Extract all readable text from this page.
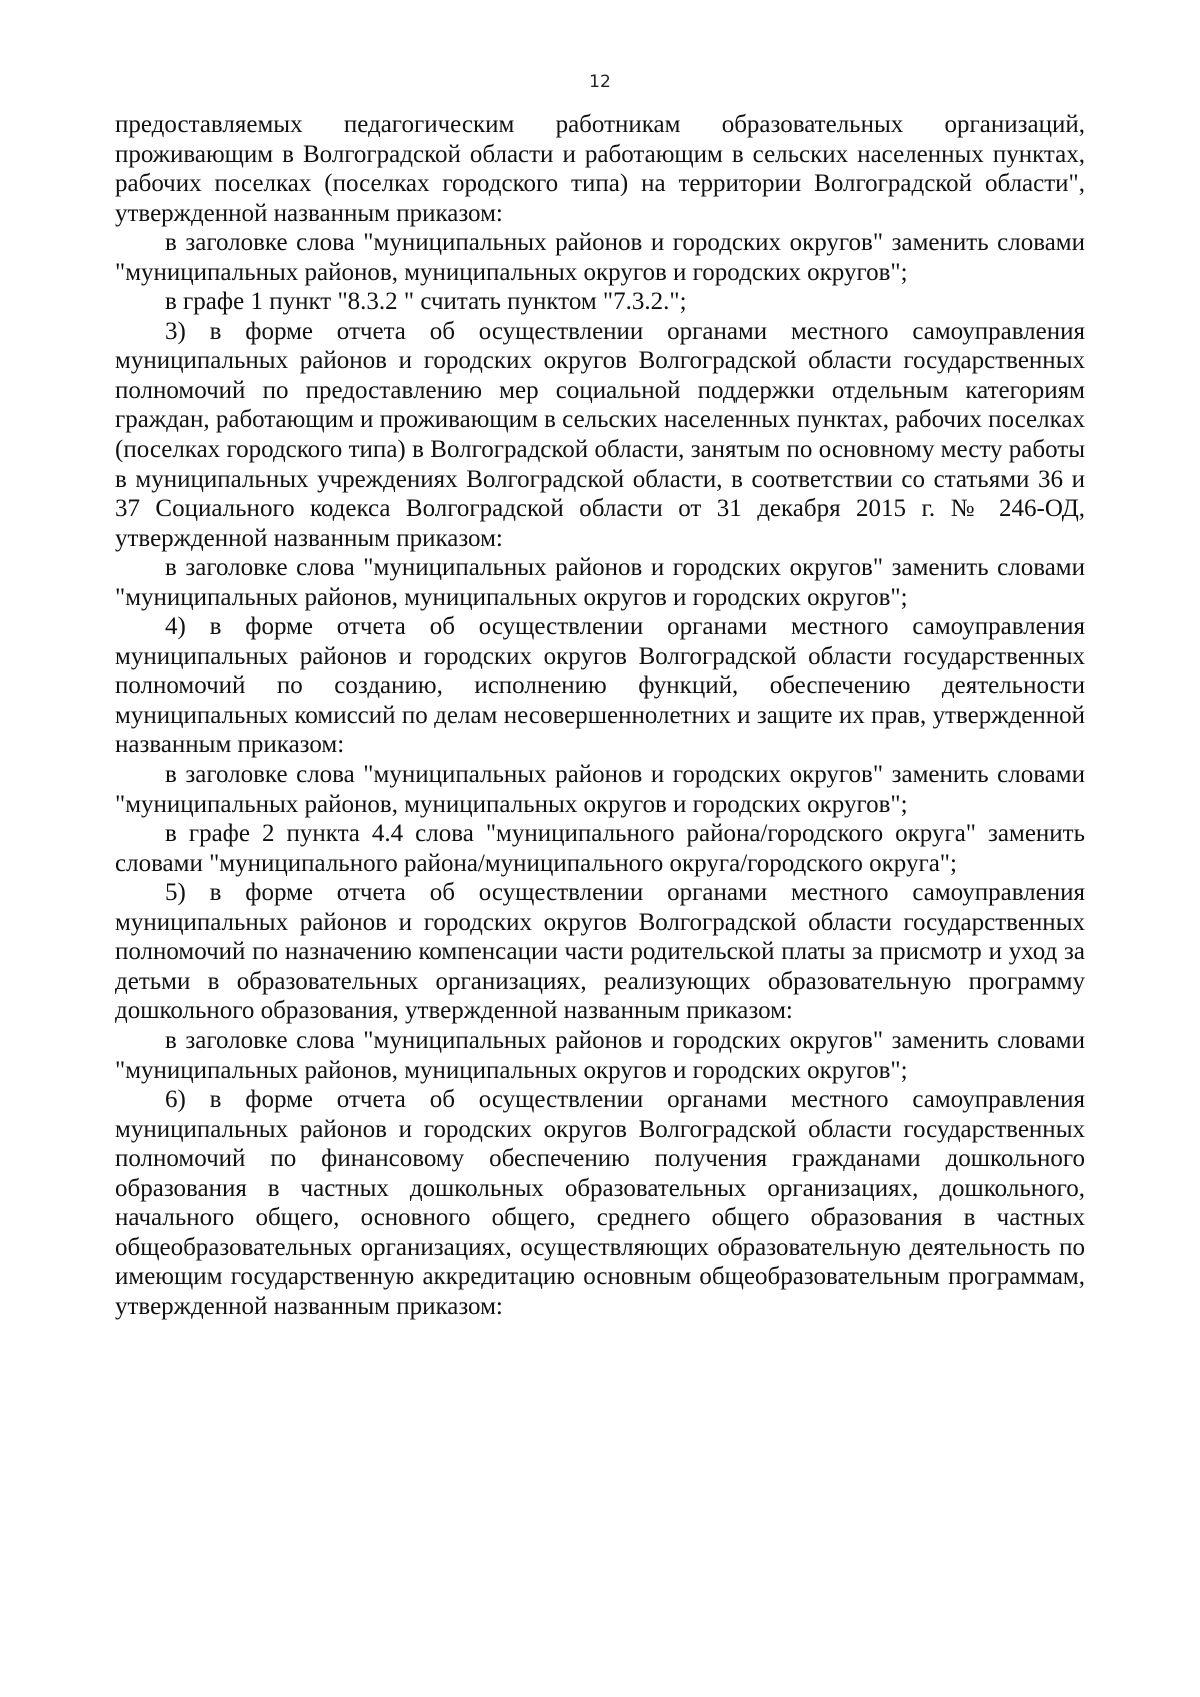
12

предоставляемых педагогическим работникам образовательных организаций, проживающим в Волгоградской области и работающим в сельских населенных пунктах, рабочих поселках (поселках городского типа) на территории Волгоградской области", утвержденной названным приказом:

в заголовке слова "муниципальных районов и городских округов" заменить словами "муниципальных районов, муниципальных округов и городских округов";

в графе 1 пункт "8.3.2 " считать пунктом "7.3.2.";

3) в форме отчета об осуществлении органами местного самоуправления муниципальных районов и городских округов Волгоградской области государственных полномочий по предоставлению мер социальной поддержки отдельным категориям граждан, работающим и проживающим в сельских населенных пунктах, рабочих поселках (поселках городского типа) в Волгоградской области, занятым по основному месту работы в муниципальных учреждениях Волгоградской области, в соответствии со статьями 36 и 37 Социального кодекса Волгоградской области от 31 декабря 2015 г. № 246-ОД, утвержденной названным приказом:

в заголовке слова "муниципальных районов и городских округов" заменить словами "муниципальных районов, муниципальных округов и городских округов";

4) в форме отчета об осуществлении органами местного самоуправления муниципальных районов и городских округов Волгоградской области государственных полномочий по созданию, исполнению функций, обеспечению деятельности муниципальных комиссий по делам несовершеннолетних и защите их прав, утвержденной названным приказом:

в заголовке слова "муниципальных районов и городских округов" заменить словами "муниципальных районов, муниципальных округов и городских округов";

в графе 2 пункта 4.4 слова "муниципального района/городского округа" заменить словами "муниципального района/муниципального округа/городского округа";

5) в форме отчета об осуществлении органами местного самоуправления муниципальных районов и городских округов Волгоградской области государственных полномочий по назначению компенсации части родительской платы за присмотр и уход за детьми в образовательных организациях, реализующих образовательную программу дошкольного образования, утвержденной названным приказом:

в заголовке слова "муниципальных районов и городских округов" заменить словами "муниципальных районов, муниципальных округов и городских округов";

6) в форме отчета об осуществлении органами местного самоуправления муниципальных районов и городских округов Волгоградской области государственных полномочий по финансовому обеспечению получения гражданами дошкольного образования в частных дошкольных образовательных организациях, дошкольного, начального общего, основного общего, среднего общего образования в частных общеобразовательных организациях, осуществляющих образовательную деятельность по имеющим государственную аккредитацию основным общеобразовательным программам, утвержденной названным приказом:
